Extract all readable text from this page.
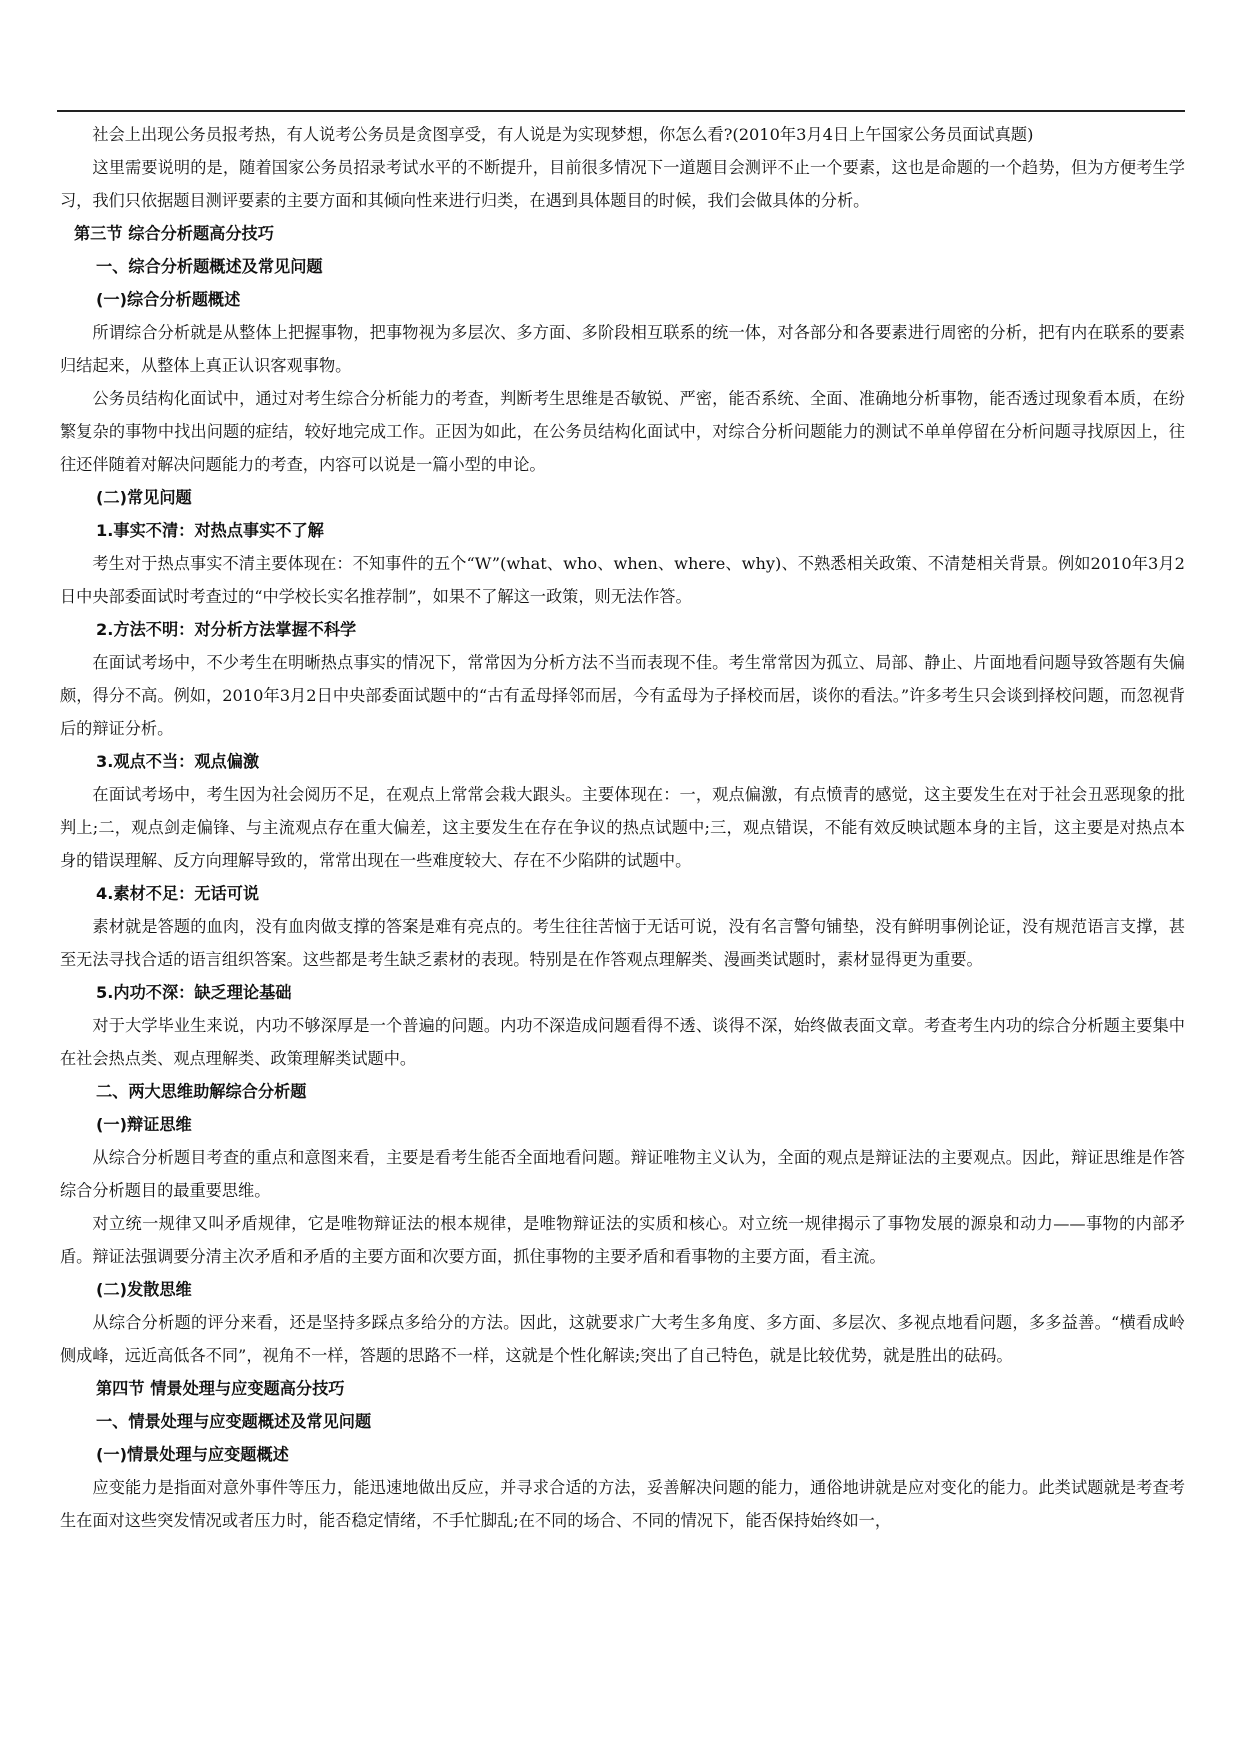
社会上出现公务员报考热，有人说考公务员是贪图享受，有人说是为实现梦想，你怎么看?(2010年3月4日上午国家公务员面试真题)

这里需要说明的是，随着国家公务员招录考试水平的不断提升，目前很多情况下一道题目会测评不止一个要素，这也是命题的一个趋势，但为方便考生学习，我们只依据题目测评要素的主要方面和其倾向性来进行归类，在遇到具体题目的时候，我们会做具体的分析。

第三节 综合分析题高分技巧
一、综合分析题概述及常见问题
(一)综合分析题概述

所谓综合分析就是从整体上把握事物，把事物视为多层次、多方面、多阶段相互联系的统一体，对各部分和各要素进行周密的分析，把有内在联系的要素归结起来，从整体上真正认识客观事物。

公务员结构化面试中，通过对考生综合分析能力的考查，判断考生思维是否敏锐、严密，能否系统、全面、准确地分析事物，能否透过现象看本质，在纷繁复杂的事物中找出问题的症结，较好地完成工作。正因为如此，在公务员结构化面试中，对综合分析问题能力的测试不单单停留在分析问题寻找原因上，往往还伴随着对解决问题能力的考查，内容可以说是一篇小型的申论。

(二)常见问题
1.事实不清：对热点事实不了解

考生对于热点事实不清主要体现在：不知事件的五个“W”(what、who、when、where、why)、不熟悉相关政策、不清楚相关背景。例如2010年3月2日中央部委面试时考查过的“中学校长实名推荐制”，如果不了解这一政策，则无法作答。

2.方法不明：对分析方法掌握不科学

在面试考场中，不少考生在明晰热点事实的情况下，常常因为分析方法不当而表现不佳。考生常常因为孤立、局部、静止、片面地看问题导致答题有失偏颇，得分不高。例如，2010年3月2日中央部委面试题中的“古有孟母择邻而居，今有孟母为子择校而居，谈你的看法。”许多考生只会谈到择校问题，而忽视背后的辩证分析。

3.观点不当：观点偏激

在面试考场中，考生因为社会阅历不足，在观点上常常会栽大跟头。主要体现在：一，观点偏激，有点愤青的感觉，这主要发生在对于社会丑恶现象的批判上;二，观点剑走偏锋、与主流观点存在重大偏差，这主要发生在存在争议的热点试题中;三，观点错误，不能有效反映试题本身的主旨，这主要是对热点本身的错误理解、反方向理解导致的，常常出现在一些难度较大、存在不少陷阱的试题中。

4.素材不足：无话可说

素材就是答题的血肉，没有血肉做支撑的答案是难有亮点的。考生往往苦恼于无话可说，没有名言警句铺垫，没有鲜明事例论证，没有规范语言支撑，甚至无法寻找合适的语言组织答案。这些都是考生缺乏素材的表现。特别是在作答观点理解类、漫画类试题时，素材显得更为重要。

5.内功不深：缺乏理论基础

对于大学毕业生来说，内功不够深厚是一个普遍的问题。内功不深造成问题看得不透、谈得不深，始终做表面文章。考查考生内功的综合分析题主要集中在社会热点类、观点理解类、政策理解类试题中。

二、两大思维助解综合分析题
(一)辩证思维

从综合分析题目考查的重点和意图来看，主要是看考生能否全面地看问题。辩证唯物主义认为，全面的观点是辩证法的主要观点。因此，辩证思维是作答综合分析题目的最重要思维。

对立统一规律又叫矛盾规律，它是唯物辩证法的根本规律，是唯物辩证法的实质和核心。对立统一规律揭示了事物发展的源泉和动力——事物的内部矛盾。辩证法强调要分清主次矛盾和矛盾的主要方面和次要方面，抓住事物的主要矛盾和看事物的主要方面，看主流。

(二)发散思维

从综合分析题的评分来看，还是坚持多踩点多给分的方法。因此，这就要求广大考生多角度、多方面、多层次、多视点地看问题，多多益善。“横看成岭侧成峰，远近高低各不同”，视角不一样，答题的思路不一样，这就是个性化解读;突出了自己特色，就是比较优势，就是胜出的砝码。

第四节 情景处理与应变题高分技巧
一、情景处理与应变题概述及常见问题
(一)情景处理与应变题概述

应变能力是指面对意外事件等压力，能迅速地做出反应，并寻求合适的方法，妥善解决问题的能力，通俗地讲就是应对变化的能力。此类试题就是考查考生在面对这些突发情况或者压力时，能否稳定情绪，不手忙脚乱;在不同的场合、不同的情况下，能否保持始终如一，
